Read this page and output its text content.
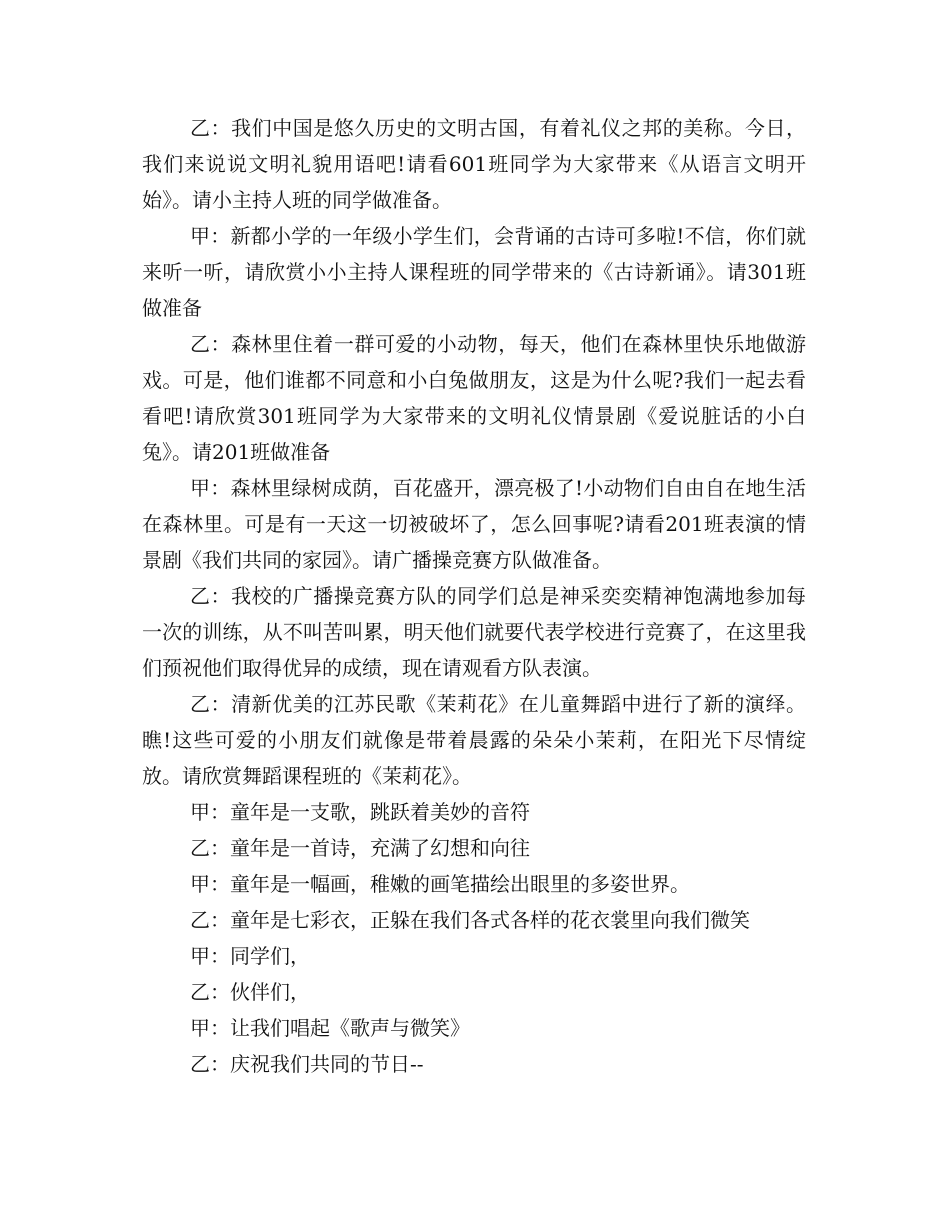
乙：我们中国是悠久历史的文明古国，有着礼仪之邦的美称。今日，我们来说说文明礼貌用语吧!请看601班同学为大家带来《从语言文明开始》。请小主持人班的同学做准备。

甲：新都小学的一年级小学生们，会背诵的古诗可多啦!不信，你们就来听一听，请欣赏小小主持人课程班的同学带来的《古诗新诵》。请301班做准备

乙：森林里住着一群可爱的小动物，每天，他们在森林里快乐地做游戏。可是，他们谁都不同意和小白兔做朋友，这是为什么呢?我们一起去看看吧!请欣赏301班同学为大家带来的文明礼仪情景剧《爱说脏话的小白兔》。请201班做准备

甲：森林里绿树成荫，百花盛开，漂亮极了!小动物们自由自在地生活在森林里。可是有一天这一切被破坏了，怎么回事呢?请看201班表演的情景剧《我们共同的家园》。请广播操竞赛方队做准备。

乙：我校的广播操竞赛方队的同学们总是神采奕奕精神饱满地参加每一次的训练，从不叫苦叫累，明天他们就要代表学校进行竞赛了，在这里我们预祝他们取得优异的成绩，现在请观看方队表演。

乙：清新优美的江苏民歌《茉莉花》在儿童舞蹈中进行了新的演绎。瞧!这些可爱的小朋友们就像是带着晨露的朵朵小茉莉，在阳光下尽情绽放。请欣赏舞蹈课程班的《茉莉花》。

甲：童年是一支歌，跳跃着美妙的音符

乙：童年是一首诗，充满了幻想和向往

甲：童年是一幅画，稚嫩的画笔描绘出眼里的多姿世界。

乙：童年是七彩衣，正躲在我们各式各样的花衣裳里向我们微笑

甲：同学们，

乙：伙伴们，

甲：让我们唱起《歌声与微笑》

乙：庆祝我们共同的节日--
